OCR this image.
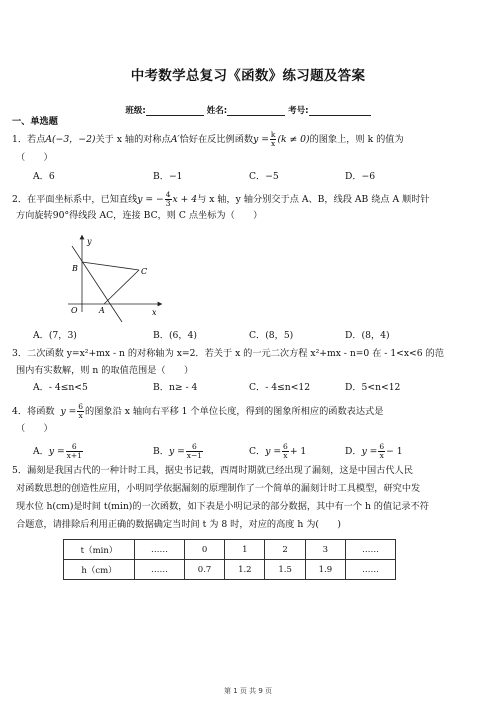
中考数学总复习《函数》练习题及答案
班级:	姓名:	考号:
一、单选题
1．若点A(−3，−2)关于 x 轴的对称点A′恰好在反比例函数$y = \frac{k}{x} (k \ne 0)$的图象上，则 k 的值为
（　　）
A．6	B．−1	C．−5	D．−6
2．在平面坐标系中，已知直线y = − $\frac{4}{3}$ x + 4与 x 轴，y 轴分别交于点 A、B，线段 AB 绕点 A 顺时针
方向旋转90°得线段 AC，连接 BC，则 C 点坐标为（　　）
y
x
B	C
O	A
A．(7，3)	B．(6，4)	C．(8，5)	D．(8，4)
3．二次函数 y=x²+mx - n 的对称轴为 x=2．若关于 x 的一元二次方程 x²+mx - n=0 在 - 1<x<6 的范
围内有实数解，则 n 的取值范围是（　　）
A．- 4≤n<5	B．n≥ - 4	C．- 4≤n<12	D．5<n<12
4．将函数 $y = \frac{6}{x}$ 的图象沿 x 轴向右平移 1 个单位长度，得到的图象所相应的函数表达式是
（　　）
A．$y = \frac{6}{x+1}$	B．$y = \frac{6}{x-1}$	C．$y = \frac{6}{x} + 1$	D．$y = \frac{6}{x} - 1$
5．漏刻是我国古代的一种计时工具，据史书记载，西周时期就已经出现了漏刻，这是中国古代人民
对函数思想的创造性应用，小明同学依据漏刻的原理制作了一个简单的漏刻计时工具模型，研究中发
现水位 h(cm)是时间 t(min)的一次函数，如下表是小明记录的部分数据，其中有一个 h 的值记录不符
合题意，请排除后利用正确的数据确定当时间 t 为 8 时，对应的高度 h 为(　　)
t（min）	……	0	1	2	3	……
h（cm）	……	0.7	1.2	1.5	1.9	……
第 1 页 共 9 页
